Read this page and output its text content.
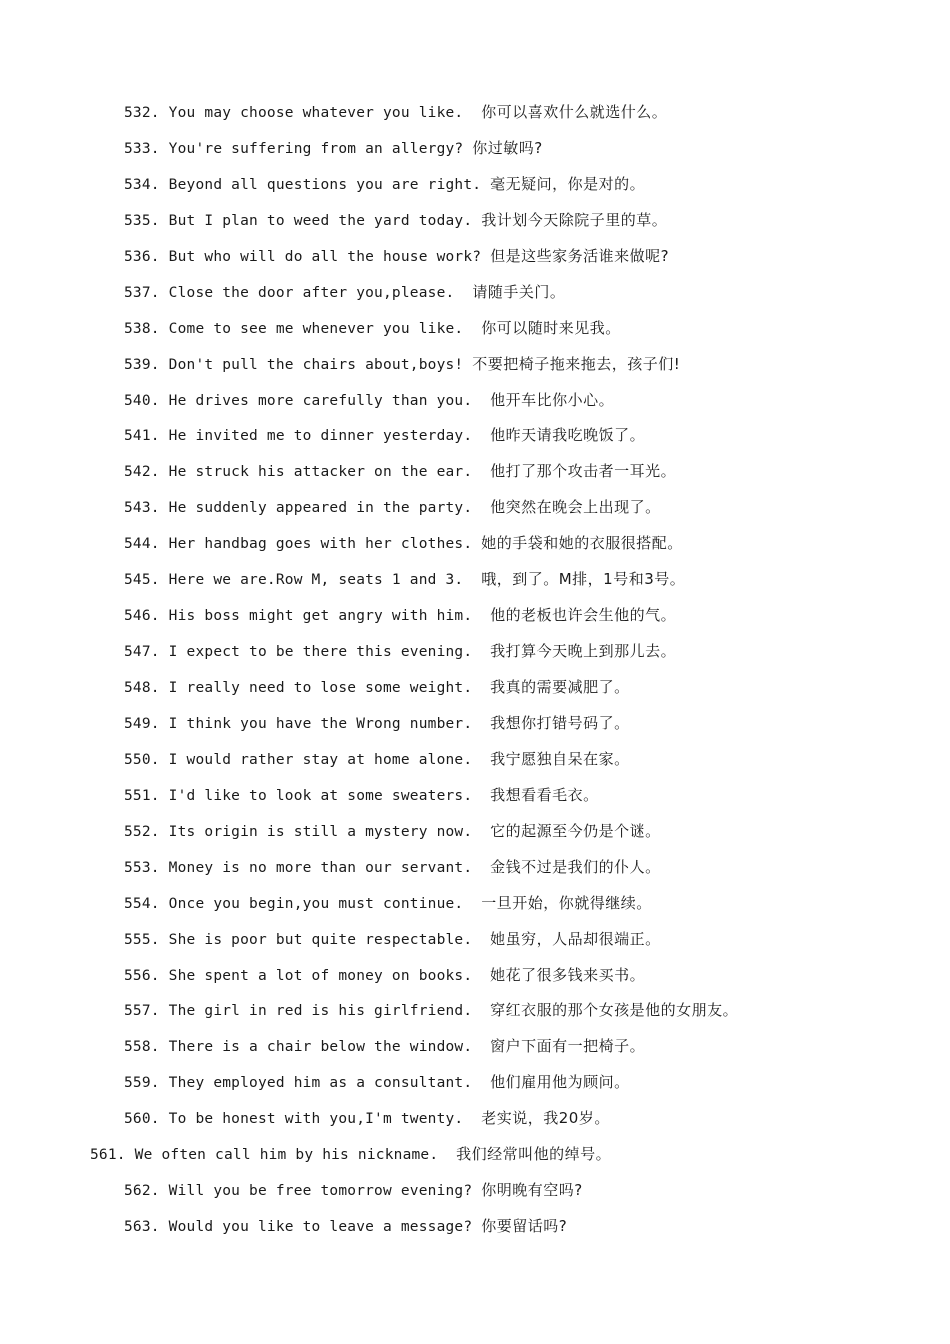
532. You may choose whatever you like. 你可以喜欢什么就选什么。
533. You're suffering from an allergy? 你过敏吗?
534. Beyond all questions you are right. 毫无疑问，你是对的。
535. But I plan to weed the yard today. 我计划今天除院子里的草。
536. But who will do all the house work? 但是这些家务活谁来做呢?
537. Close the door after you,please. 请随手关门。
538. Come to see me whenever you like. 你可以随时来见我。
539. Don't pull the chairs about,boys! 不要把椅子拖来拖去，孩子们!
540. He drives more carefully than you. 他开车比你小心。
541. He invited me to dinner yesterday. 他昨天请我吃晚饭了。
542. He struck his attacker on the ear. 他打了那个攻击者一耳光。
543. He suddenly appeared in the party. 他突然在晚会上出现了。
544. Her handbag goes with her clothes. 她的手袋和她的衣服很搭配。
545. Here we are.Row M, seats 1 and 3. 哦，到了。M排，1号和3号。
546. His boss might get angry with him. 他的老板也许会生他的气。
547. I expect to be there this evening. 我打算今天晚上到那儿去。
548. I really need to lose some weight. 我真的需要减肥了。
549. I think you have the Wrong number. 我想你打错号码了。
550. I would rather stay at home alone. 我宁愿独自呆在家。
551. I'd like to look at some sweaters. 我想看看毛衣。
552. Its origin is still a mystery now. 它的起源至今仍是个谜。
553. Money is no more than our servant. 金钱不过是我们的仆人。
554. Once you begin,you must continue. 一旦开始，你就得继续。
555. She is poor but quite respectable. 她虽穷，人品却很端正。
556. She spent a lot of money on books. 她花了很多钱来买书。
557. The girl in red is his girlfriend. 穿红衣服的那个女孩是他的女朋友。
558. There is a chair below the window. 窗户下面有一把椅子。
559. They employed him as a consultant. 他们雇用他为顾问。
560. To be honest with you,I'm twenty. 老实说，我20岁。
561. We often call him by his nickname. 我们经常叫他的绰号。
562. Will you be free tomorrow evening? 你明晚有空吗?
563. Would you like to leave a message? 你要留话吗?
